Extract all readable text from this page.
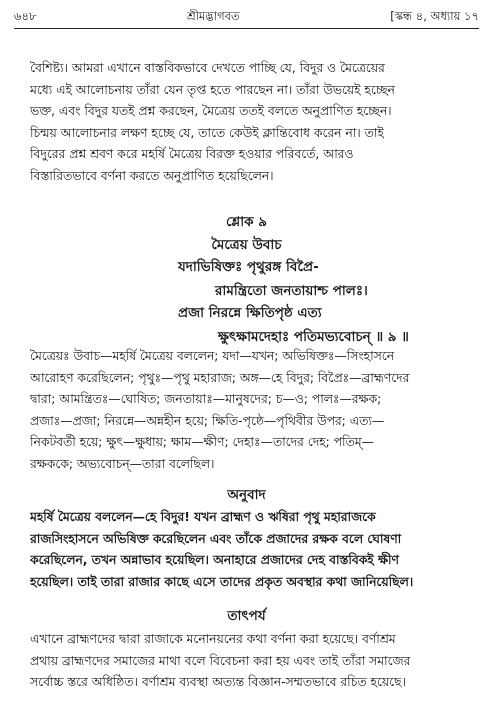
৬৪৮	শ্রীমদ্ভাগবত	[স্কন্ধ ৪, অধ্যায় ১৭
বৈশিষ্ট্য। আমরা এখানে বাস্তবিকভাবে দেখতে পাচ্ছি যে, বিদুর ও মৈত্রেয়ের
মধ্যে এই আলোচনায় তাঁরা যেন তৃপ্ত হতে পারছেন না। তাঁরা উভয়েই হচ্ছেন
ভক্ত, এবং বিদুর যতই প্রশ্ন করছেন, মৈত্রেয় ততই বলতে অনুপ্রাণিত হচ্ছেন।
চিন্ময় আলোচনার লক্ষণ হচ্ছে যে, তাতে কেউই ক্লান্তিবোধ করেন না। তাই
বিদুরের প্রশ্ন শ্রবণ করে মহর্ষি মৈত্রেয় বিরক্ত হওয়ার পরিবর্তে, আরও
বিস্তারিতভাবে বর্ণনা করতে অনুপ্রাণিত হয়েছিলেন।
শ্লোক ৯
মৈত্রেয় উবাচ
যদাভিষিক্তঃ পৃথুরঙ্গ বিপ্রৈ-
রামন্ত্রিতো জনতায়াশ্চ পালঃ।
প্রজা নিরন্নে ক্ষিতিপৃষ্ঠ এত্য
ক্ষুৎক্ষামদেহাঃ পতিমভ্যবোচন্ ॥ ৯ ॥
মৈত্রেয়ঃ উবাচ—মহর্ষি মৈত্রেয় বললেন; যদা—যখন; অভিষিক্তঃ—সিংহাসনে
আরোহণ করেছিলেন; পৃথুঃ—পৃথু মহারাজ; অঙ্গ—হে বিদুর; বিপ্রৈঃ—ব্রাহ্মণদের
দ্বারা; আমন্ত্রিতঃ—ঘোষিত; জনতায়াঃ—মানুষদের; চ—ও; পালঃ—রক্ষক;
প্রজাঃ—প্রজা; নিরন্নে—অন্নহীন হয়ে; ক্ষিতি-পৃষ্ঠে—পৃথিবীর উপর; এত্য—
নিকটবর্তী হয়ে; ক্ষুৎ—ক্ষুধায়; ক্ষাম—ক্ষীণ; দেহাঃ—তাদের দেহ; পতিম্—
রক্ষককে; অভ্যবোচন্—তারা বলেছিল।
অনুবাদ
মহর্ষি মৈত্রেয় বললেন—হে বিদুর! যখন ব্রাহ্মণ ও ঋষিরা পৃথু মহারাজকে
রাজসিংহাসনে অভিষিক্ত করেছিলেন এবং তাঁকে প্রজাদের রক্ষক বলে ঘোষণা
করেছিলেন, তখন অন্নাভাব হয়েছিল। অনাহারে প্রজাদের দেহ বাস্তবিকই ক্ষীণ
হয়েছিল। তাই তারা রাজার কাছে এসে তাদের প্রকৃত অবস্থার কথা জানিয়েছিল।
তাৎপর্য
এখানে ব্রাহ্মণদের দ্বারা রাজাকে মনোনয়নের কথা বর্ণনা করা হয়েছে। বর্ণাশ্রম
প্রথায় ব্রাহ্মণদের সমাজের মাথা বলে বিবেচনা করা হয় এবং তাই তাঁরা সমাজের
সর্বোচ্চ স্তরে অধিষ্ঠিত। বর্ণাশ্রম ব্যবস্থা অত্যন্ত বিজ্ঞান-সম্মতভাবে রচিত হয়েছে।
